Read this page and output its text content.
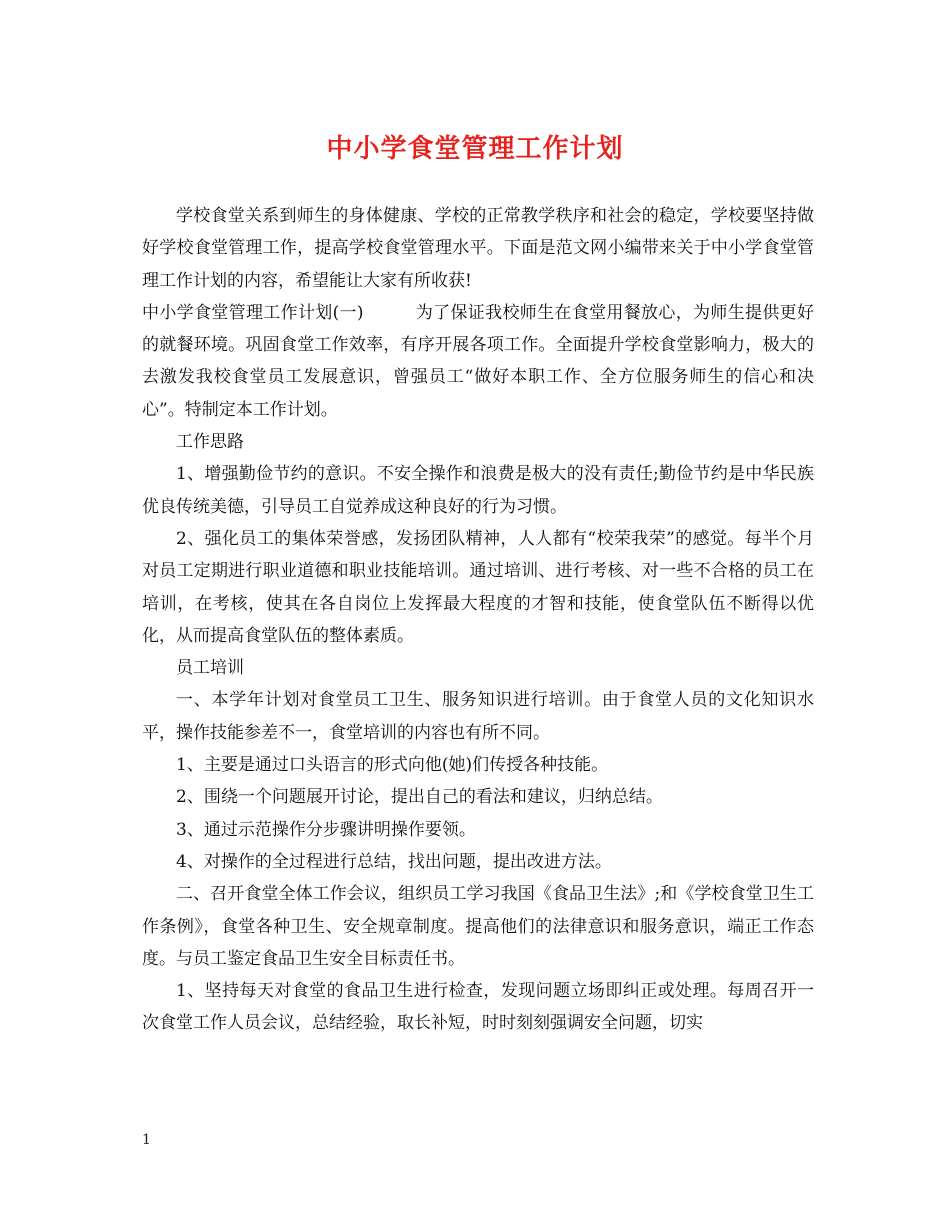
中小学食堂管理工作计划

学校食堂关系到师生的身体健康、学校的正常教学秩序和社会的稳定，学校要坚持做好学校食堂管理工作，提高学校食堂管理水平。下面是范文网小编带来关于中小学食堂管理工作计划的内容，希望能让大家有所收获!

中小学食堂管理工作计划(一)　　　为了保证我校师生在食堂用餐放心，为师生提供更好的就餐环境。巩固食堂工作效率，有序开展各项工作。全面提升学校食堂影响力，极大的去激发我校食堂员工发展意识，曾强员工“做好本职工作、全方位服务师生的信心和决心”。特制定本工作计划。

工作思路

1、增强勤俭节约的意识。不安全操作和浪费是极大的没有责任;勤俭节约是中华民族优良传统美德，引导员工自觉养成这种良好的行为习惯。

2、强化员工的集体荣誉感，发扬团队精神，人人都有“校荣我荣”的感觉。每半个月对员工定期进行职业道德和职业技能培训。通过培训、进行考核、对一些不合格的员工在培训，在考核，使其在各自岗位上发挥最大程度的才智和技能，使食堂队伍不断得以优化，从而提高食堂队伍的整体素质。

员工培训

一、本学年计划对食堂员工卫生、服务知识进行培训。由于食堂人员的文化知识水平，操作技能参差不一，食堂培训的内容也有所不同。

1、主要是通过口头语言的形式向他(她)们传授各种技能。

2、围绕一个问题展开讨论，提出自己的看法和建议，归纳总结。

3、通过示范操作分步骤讲明操作要领。

4、对操作的全过程进行总结，找出问题，提出改进方法。

二、召开食堂全体工作会议，组织员工学习我国《食品卫生法》;和《学校食堂卫生工作条例》，食堂各种卫生、安全规章制度。提高他们的法律意识和服务意识，端正工作态度。与员工鉴定食品卫生安全目标责任书。

1、坚持每天对食堂的食品卫生进行检查，发现问题立场即纠正或处理。每周召开一次食堂工作人员会议，总结经验，取长补短，时时刻刻强调安全问题，切实

1
